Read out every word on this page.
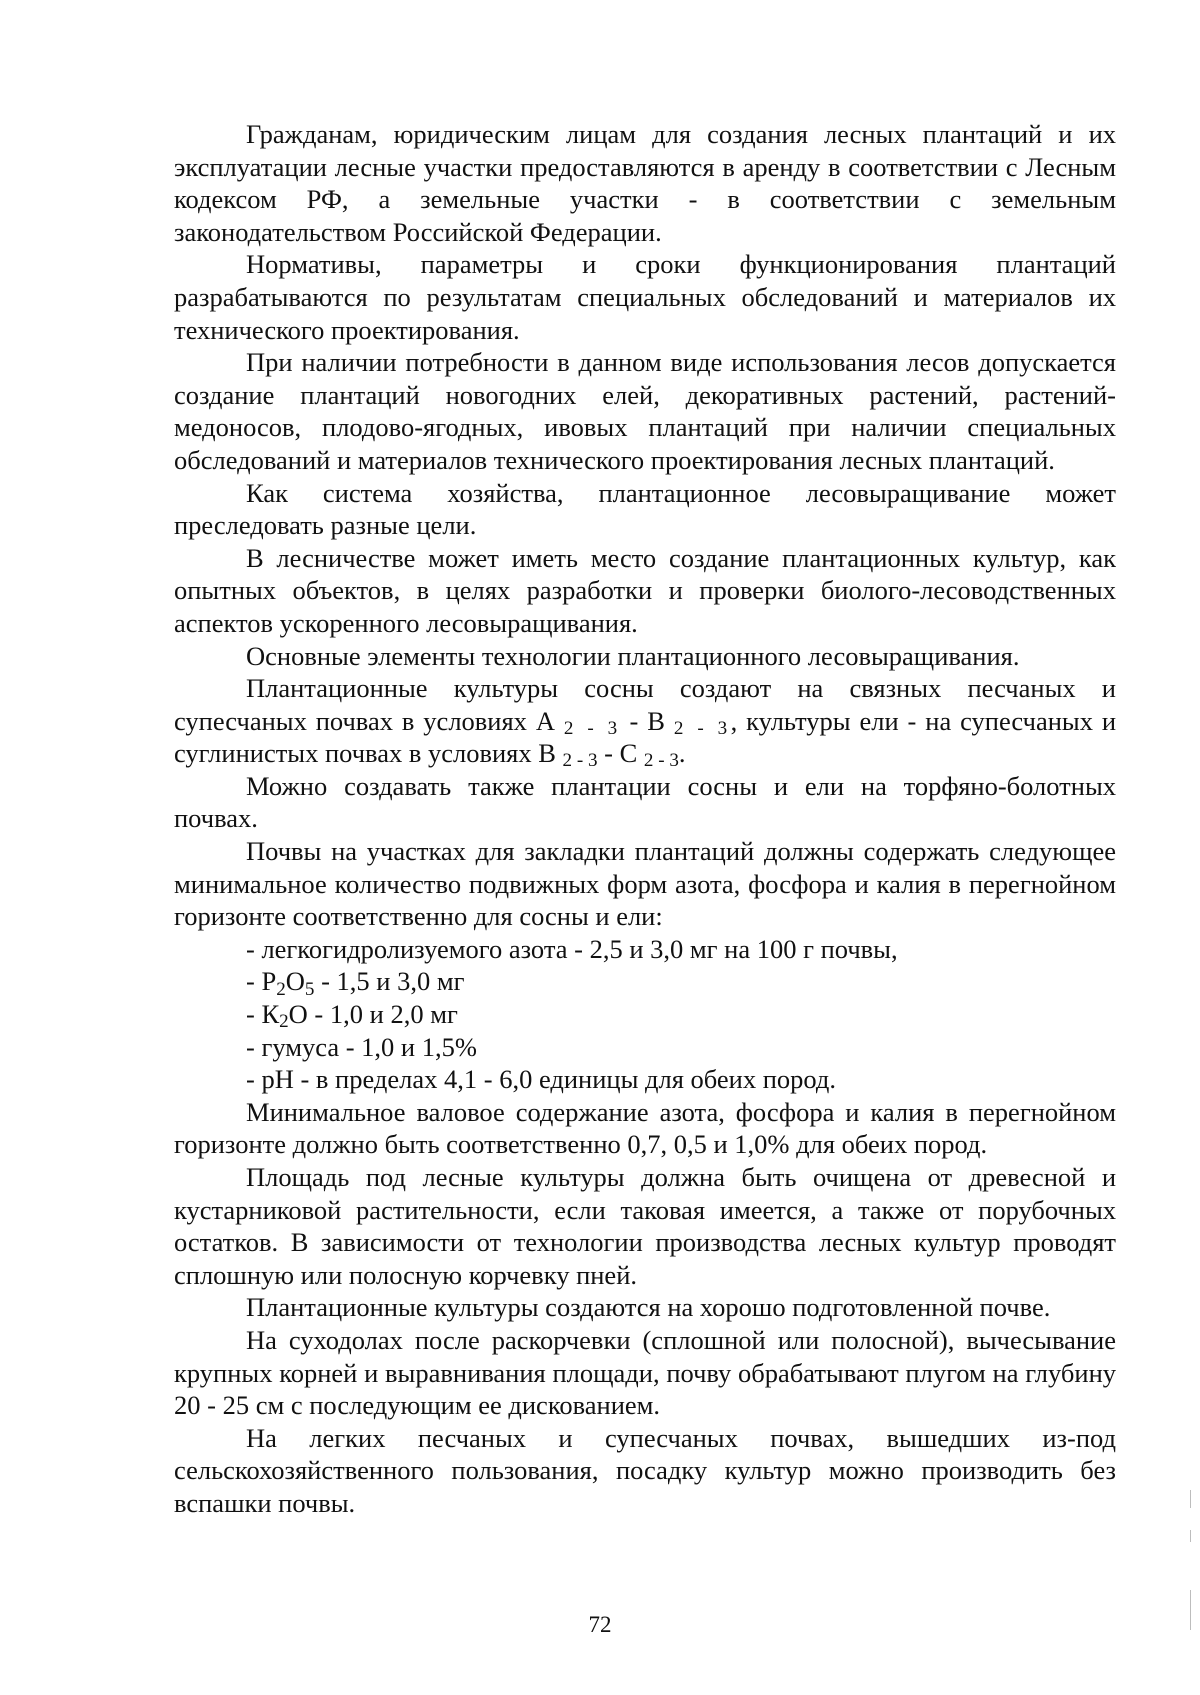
Гражданам, юридическим лицам для создания лесных плантаций и их эксплуатации лесные участки предоставляются в аренду в соответствии с Лесным кодексом РФ, а земельные участки - в соответствии с земельным законодательством Российской Федерации.

Нормативы, параметры и сроки функционирования плантаций разрабатываются по результатам специальных обследований и материалов их технического проектирования.

При наличии потребности в данном виде использования лесов допускается создание плантаций новогодних елей, декоративных растений, растений-медоносов, плодово-ягодных, ивовых плантаций при наличии специальных обследований и материалов технического проектирования лесных плантаций.

Как система хозяйства, плантационное лесовыращивание может преследовать разные цели.

В лесничестве может иметь место создание плантационных культур, как опытных объектов, в целях разработки и проверки биолого-лесоводственных аспектов ускоренного лесовыращивания.

Основные элементы технологии плантационного лесовыращивания.

Плантационные культуры сосны создают на связных песчаных и супесчаных почвах в условиях А $_{2 - 3}$ - В $_{2 - 3}$, культуры ели - на супесчаных и суглинистых почвах в условиях В $_{2 - 3}$ - С $_{2 - 3}$.

Можно создавать также плантации сосны и ели на торфяно-болотных почвах.

Почвы на участках для закладки плантаций должны содержать следующее минимальное количество подвижных форм азота, фосфора и калия в перегнойном горизонте соответственно для сосны и ели:

- легкогидролизуемого азота - 2,5 и 3,0 мг на 100 г почвы,
- $Р_2О_5 - 1,5$ и 3,0 мг
- $К_2О - 1,0$ и 2,0 мг
- гумуса - 1,0 и 1,5%
- рН - в пределах 4,1 - 6,0 единицы для обеих пород.

Минимальное валовое содержание азота, фосфора и калия в перегнойном горизонте должно быть соответственно 0,7, 0,5 и 1,0% для обеих пород.

Площадь под лесные культуры должна быть очищена от древесной и кустарниковой растительности, если таковая имеется, а также от порубочных остатков. В зависимости от технологии производства лесных культур проводят сплошную или полосную корчевку пней.

Плантационные культуры создаются на хорошо подготовленной почве.

На суходолах после раскорчевки (сплошной или полосной), вычесывание крупных корней и выравнивания площади, почву обрабатывают плугом на глубину 20 - 25 см с последующим ее дискованием.

На легких песчаных и супесчаных почвах, вышедших из-под сельскохозяйственного пользования, посадку культур можно производить без вспашки почвы.

72
